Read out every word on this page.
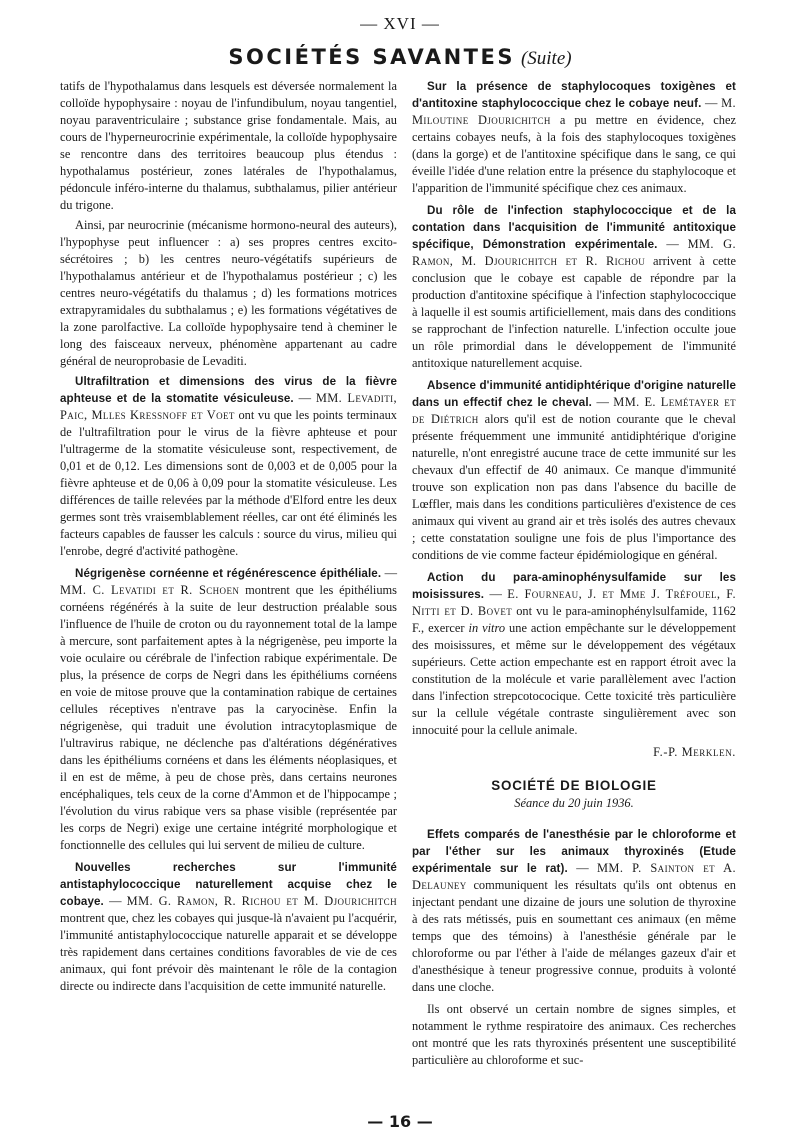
— XVI —
SOCIÉTÉS SAVANTES (Suite)

tatifs de l'hypothalamus dans lesquels est déversée normalement la colloïde hypophysaire : noyau de l'infundibulum, noyau tangentiel, noyau paraventriculaire ; substance grise fondamentale. Mais, au cours de l'hyperneurocrinie expérimentale, la colloïde hypophysaire se rencontre dans des territoires beaucoup plus étendus : hypothalamus postérieur, zones latérales de l'hypothalamus, pédoncule inféro-interne du thalamus, subthalamus, pilier antérieur du trigone.

Ainsi, par neurocrinie (mécanisme hormono-neural des auteurs), l'hypophyse peut influencer : a) ses propres centres excito-sécrétoires ; b) les centres neuro-végétatifs supérieurs de l'hypothalamus antérieur et de l'hypothalamus postérieur ; c) les centres neuro-végétatifs du thalamus ; d) les formations motrices extrapyramidales du subthalamus ; e) les formations végétatives de la zone parolfactive. La colloïde hypophysaire tend à cheminer le long des faisceaux nerveux, phénomène appartenant au cadre général de neuroprobasie de Levaditi.

Ultrafiltration et dimensions des virus de la fièvre aphteuse et de la stomatite vésiculeuse. — MM. Levaditi, Paic, Mlles Kressnoff et Voet ont vu que les points terminaux de l'ultrafiltration pour le virus de la fièvre aphteuse et pour l'ultragerme de la stomatite vésiculeuse sont, respectivement, de 0,01 et de 0,12. Les dimensions sont de 0,003 et de 0,005 pour la fièvre aphteuse et de 0,06 à 0,09 pour la stomatite vésiculeuse. Les différences de taille relevées par la méthode d'Elford entre les deux germes sont très vraisemblablement réelles, car ont été éliminés les facteurs capables de fausser les calculs : source du virus, milieu qui l'enrobe, degré d'activité pathogène.

Négrigenèse cornéenne et régénérescence épithéliale. — MM. C. Levatidi et R. Schoen montrent que les épithéliums cornéens régénérés à la suite de leur destruction préalable sous l'influence de l'huile de croton ou du rayonnement total de la lampe à mercure, sont parfaitement aptes à la négrigenèse, peu importe la voie oculaire ou cérébrale de l'infection rabique expérimentale. De plus, la présence de corps de Negri dans les épithéliums cornéens en voie de mitose prouve que la contamination rabique de certaines cellules réceptives n'entrave pas la caryocinèse. Enfin la négrigenèse, qui traduit une évolution intracytoplasmique de l'ultravirus rabique, ne déclenche pas d'altérations dégénératives dans les épithéliums cornéens et dans les éléments néoplasiques, et il en est de même, à peu de chose près, dans certains neurones encéphaliques, tels ceux de la corne d'Ammon et de l'hippocampe ; l'évolution du virus rabique vers sa phase visible (représentée par les corps de Negri) exige une certaine intégrité morphologique et fonctionnelle des cellules qui lui servent de milieu de culture.

Nouvelles recherches sur l'immunité antistaphylococcique naturellement acquise chez le cobaye. — MM. G. Ramon, R. Richou et M. Djourichitch montrent que, chez les cobayes qui jusque-là n'avaient pu l'acquérir, l'immunité antistaphylococcique naturelle apparait et se développe très rapidement dans certaines conditions favorables de vie de ces animaux, qui font prévoir dès maintenant le rôle de la contagion directe ou indirecte dans l'acquisition de cette immunité naturelle.

Sur la présence de staphylocoques toxigènes et d'antitoxine staphylococcique chez le cobaye neuf. — M. Miloutine Djourichitch a pu mettre en évidence, chez certains cobayes neufs, à la fois des staphylocoques toxigènes (dans la gorge) et de l'antitoxine spécifique dans le sang, ce qui éveille l'idée d'une relation entre la présence du staphylocoque et l'apparition de l'immunité spécifique chez ces animaux.

Du rôle de l'infection staphylococcique et de la contation dans l'acquisition de l'immunité antitoxique spécifique, Démonstration expérimentale. — MM. G. Ramon, M. Djourichitch et R. Richou arrivent à cette conclusion que le cobaye est capable de répondre par la production d'antitoxine spécifique à l'infection staphylococcique à laquelle il est soumis artificiellement, mais dans des conditions se rapprochant de l'infection naturelle. L'infection occulte joue un rôle primordial dans le développement de l'immunité antitoxique naturellement acquise.

Absence d'immunité antidiphtérique d'origine naturelle dans un effectif chez le cheval. — MM. E. Lemétayer et de Diétrich alors qu'il est de notion courante que le cheval présente fréquemment une immunité antidiphtérique d'origine naturelle, n'ont enregistré aucune trace de cette immunité sur les chevaux d'un effectif de 40 animaux. Ce manque d'immunité trouve son explication non pas dans l'absence du bacille de Lœffler, mais dans les conditions particulières d'existence de ces animaux qui vivent au grand air et très isolés des autres chevaux ; cette constatation souligne une fois de plus l'importance des conditions de vie comme facteur épidémiologique en général.

Action du para-aminophénysulfamide sur les moisissures. — E. Fourneau, J. et Mme J. Tréfouel, F. Nitti et D. Bovet ont vu le para-aminophénylsulfamide, 1162 F., exercer in vitro une action empêchante sur le développement des moisissures, et même sur le développement des végétaux supérieurs. Cette action empechante est en rapport étroit avec la constitution de la molécule et varie parallèlement avec l'action dans l'infection strepcotococique. Cette toxicité très particulière sur la cellule végétale contraste singulièrement avec son innocuité pour la cellule animale.

F.-P. Merklen.

SOCIÉTÉ DE BIOLOGIE
Séance du 20 juin 1936.

Effets comparés de l'anesthésie par le chloroforme et par l'éther sur les animaux thyroxinés (Etude expérimentale sur le rat). — MM. P. Sainton et A. Delauney communiquent les résultats qu'ils ont obtenus en injectant pendant une dizaine de jours une solution de thyroxine à des rats métissés, puis en soumettant ces animaux (en même temps que des témoins) à l'anesthésie générale par le chloroforme ou par l'éther à l'aide de mélanges gazeux d'air et d'anesthésique à teneur progressive connue, produits à volonté dans une cloche.

Ils ont observé un certain nombre de signes simples, et notamment le rythme respiratoire des animaux. Ces recherches ont montré que les rats thyroxinés présentent une susceptibilité particulière au chloroforme et suc-

— 16 —
